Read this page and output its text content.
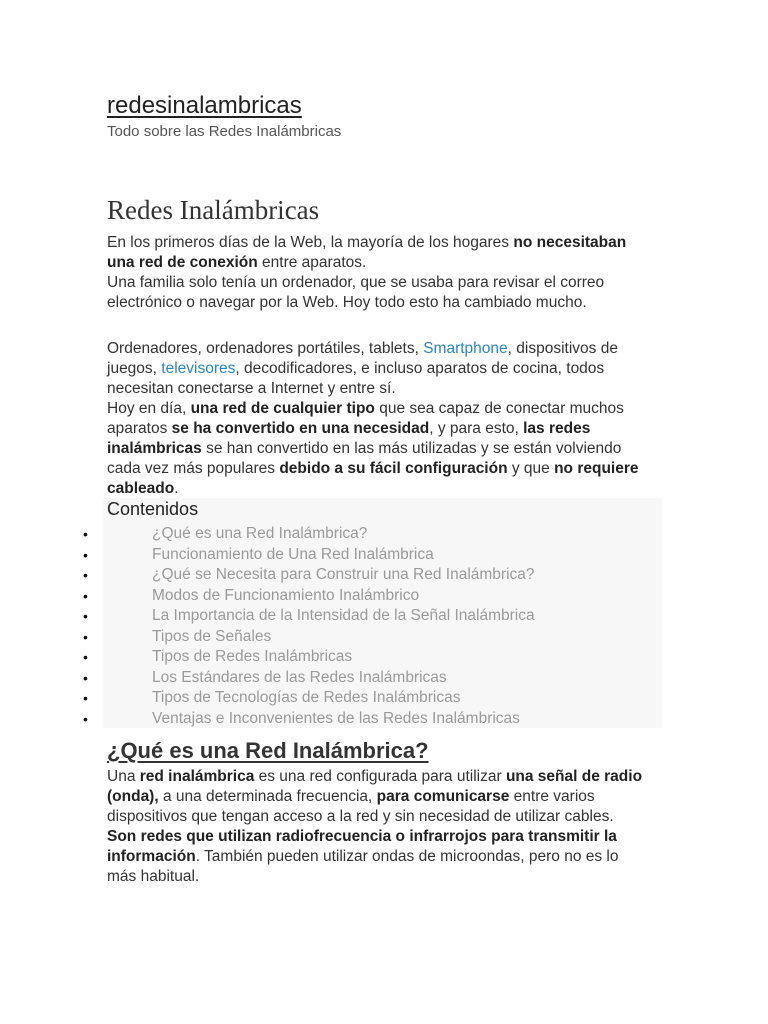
redesinalambricas

Todo sobre las Redes Inalámbricas

Redes Inalámbricas

En los primeros días de la Web, la mayoría de los hogares no necesitaban una red de conexión entre aparatos.
Una familia solo tenía un ordenador, que se usaba para revisar el correo electrónico o navegar por la Web. Hoy todo esto ha cambiado mucho.

Ordenadores, ordenadores portátiles, tablets, Smartphone, dispositivos de juegos, televisores, decodificadores, e incluso aparatos de cocina, todos necesitan conectarse a Internet y entre sí.
Hoy en día, una red de cualquier tipo que sea capaz de conectar muchos aparatos se ha convertido en una necesidad, y para esto, las redes inalámbricas se han convertido en las más utilizadas y se están volviendo cada vez más populares debido a su fácil configuración y que no requiere cableado.

Contenidos
•	¿Qué es una Red Inalámbrica?
•	Funcionamiento de Una Red Inalámbrica
•	¿Qué se Necesita para Construir una Red Inalámbrica?
•	Modos de Funcionamiento Inalámbrico
•	La Importancia de la Intensidad de la Señal Inalámbrica
•	Tipos de Señales
•	Tipos de Redes Inalámbricas
•	Los Estándares de las Redes Inalámbricas
•	Tipos de Tecnologías de Redes Inalámbricas
•	Ventajas e Inconvenientes de las Redes Inalámbricas
¿Qué es una Red Inalámbrica?

Una red inalámbrica es una red configurada para utilizar una señal de radio (onda), a una determinada frecuencia, para comunicarse entre varios dispositivos que tengan acceso a la red y sin necesidad de utilizar cables.
Son redes que utilizan radiofrecuencia o infrarrojos para transmitir la información. También pueden utilizar ondas de microondas, pero no es lo más habitual.
